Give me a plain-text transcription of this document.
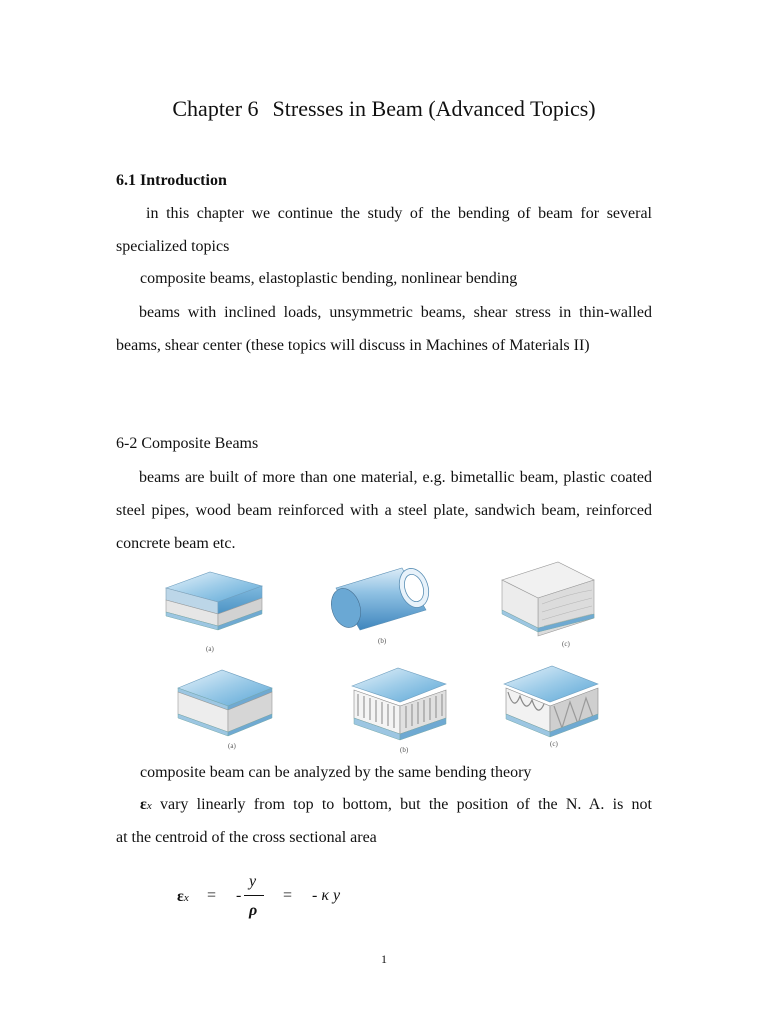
Chapter 6 Stresses in Beam (Advanced Topics)
6.1 Introduction
in this chapter we continue the study of the bending of beam for several specialized topics
composite beams, elastoplastic bending, nonlinear bending
beams with inclined loads, unsymmetric beams, shear stress in thin-walled beams, shear center (these topics will discuss in Machines of Materials II)
6-2 Composite Beams
beams are built of more than one material, e.g. bimetallic beam, plastic coated steel pipes, wood beam reinforced with a steel plate, sandwich beam, reinforced concrete beam etc.
(a)
(b)	(c)
(a)	(b)
(c)
composite beam can be analyzed by the same bending theory
εx vary linearly from top to bottom, but the position of the N. A. is not
at the centroid of the cross sectional area
εx = -
y
ρ
= - κ y
1
